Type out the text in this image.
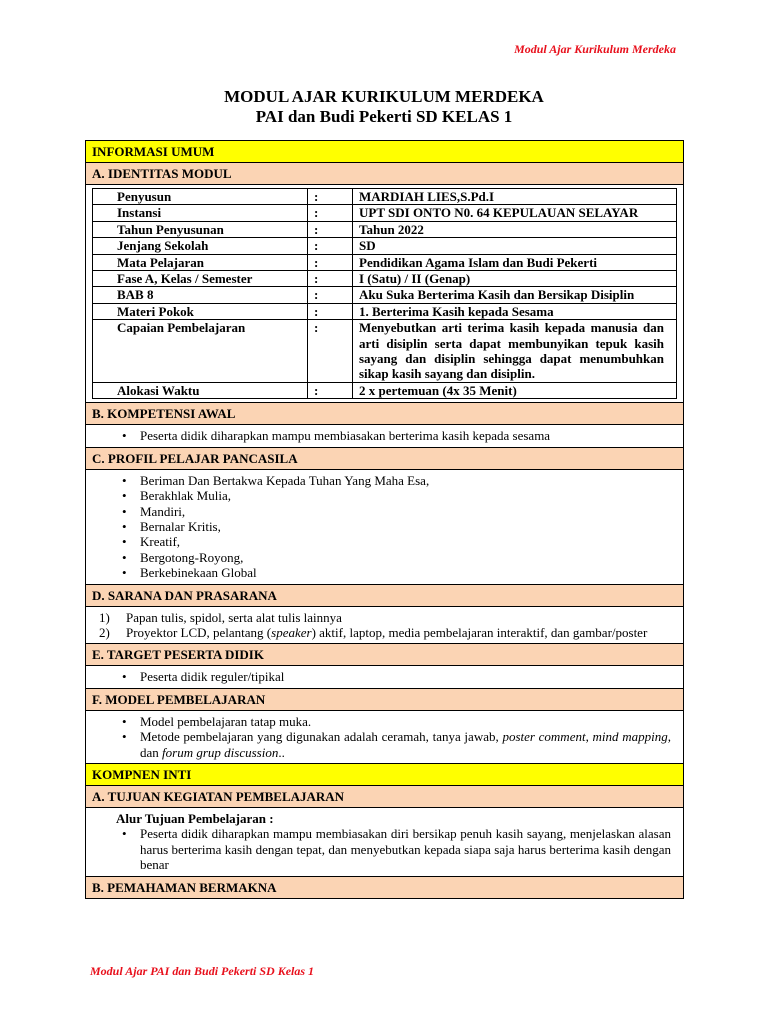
Modul Ajar Kurikulum Merdeka
MODUL AJAR KURIKULUM MERDEKA
PAI dan Budi Pekerti SD KELAS 1
INFORMASI UMUM
A. IDENTITAS MODUL

Penyusun	:	MARDIAH LIES,S.Pd.I
Instansi	:	UPT SDI ONTO N0. 64 KEPULAUAN SELAYAR
Tahun Penyusunan	:	Tahun 2022
Jenjang Sekolah	:	SD
Mata Pelajaran	:	Pendidikan Agama Islam dan Budi Pekerti
Fase A, Kelas / Semester	:	I (Satu) / II (Genap)
BAB 8	:	Aku Suka Berterima Kasih dan Bersikap Disiplin
Materi Pokok	:	1. Berterima Kasih kepada Sesama
Capaian Pembelajaran	:	Menyebutkan arti terima kasih kepada manusia dan arti disiplin serta dapat membunyikan tepuk kasih sayang dan disiplin sehingga dapat menumbuhkan sikap kasih sayang dan disiplin.
Alokasi Waktu	:	2 x pertemuan (4x 35 Menit)

B. KOMPETENSI AWAL

• Peserta didik diharapkan mampu membiasakan berterima kasih kepada sesama

C. PROFIL PELAJAR PANCASILA

• Beriman Dan Bertakwa Kepada Tuhan Yang Maha Esa,
• Berakhlak Mulia,
• Mandiri,
• Bernalar Kritis,
• Kreatif,
• Bergotong-Royong,
• Berkebinekaan Global

D. SARANA DAN PRASARANA

1) Papan tulis, spidol, serta alat tulis lainnya
2) Proyektor LCD, pelantang (speaker) aktif, laptop, media pembelajaran interaktif, dan gambar/poster

E. TARGET PESERTA DIDIK

• Peserta didik reguler/tipikal

F. MODEL PEMBELAJARAN

• Model pembelajaran tatap muka.
• Metode pembelajaran yang digunakan adalah ceramah, tanya jawab, poster comment, mind mapping, dan forum grup discussion..

KOMPNEN INTI
A. TUJUAN KEGIATAN PEMBELAJARAN

Alur Tujuan Pembelajaran :
• Peserta didik diharapkan mampu membiasakan diri bersikap penuh kasih sayang, menjelaskan alasan harus berterima kasih dengan tepat, dan menyebutkan kepada siapa saja harus berterima kasih dengan benar

B. PEMAHAMAN BERMAKNA
Modul Ajar PAI dan Budi Pekerti SD Kelas 1
